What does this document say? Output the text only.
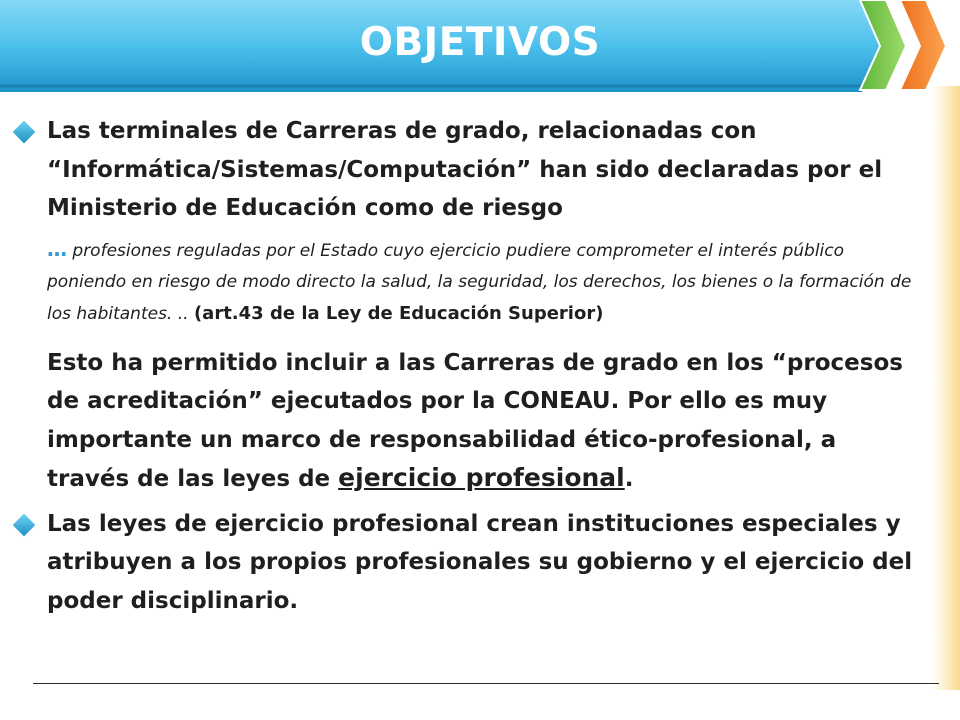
OBJETIVOS
Las terminales de Carreras de grado, relacionadas con “Informática/Sistemas/Computación” han sido declaradas por el Ministerio de Educación como de riesgo
… profesiones reguladas por el Estado cuyo ejercicio pudiere comprometer el interés público poniendo en riesgo de modo directo la salud, la seguridad, los derechos, los bienes o la formación de los habitantes. .. (art.43 de la Ley de Educación Superior)
Esto ha permitido incluir a las Carreras de grado en los “procesos de acreditación” ejecutados por la CONEAU. Por ello es muy importante un marco de responsabilidad ético-profesional, a través de las leyes de ejercicio profesional.
Las leyes de ejercicio profesional crean instituciones especiales y atribuyen a los propios profesionales su gobierno y el ejercicio del poder disciplinario.
